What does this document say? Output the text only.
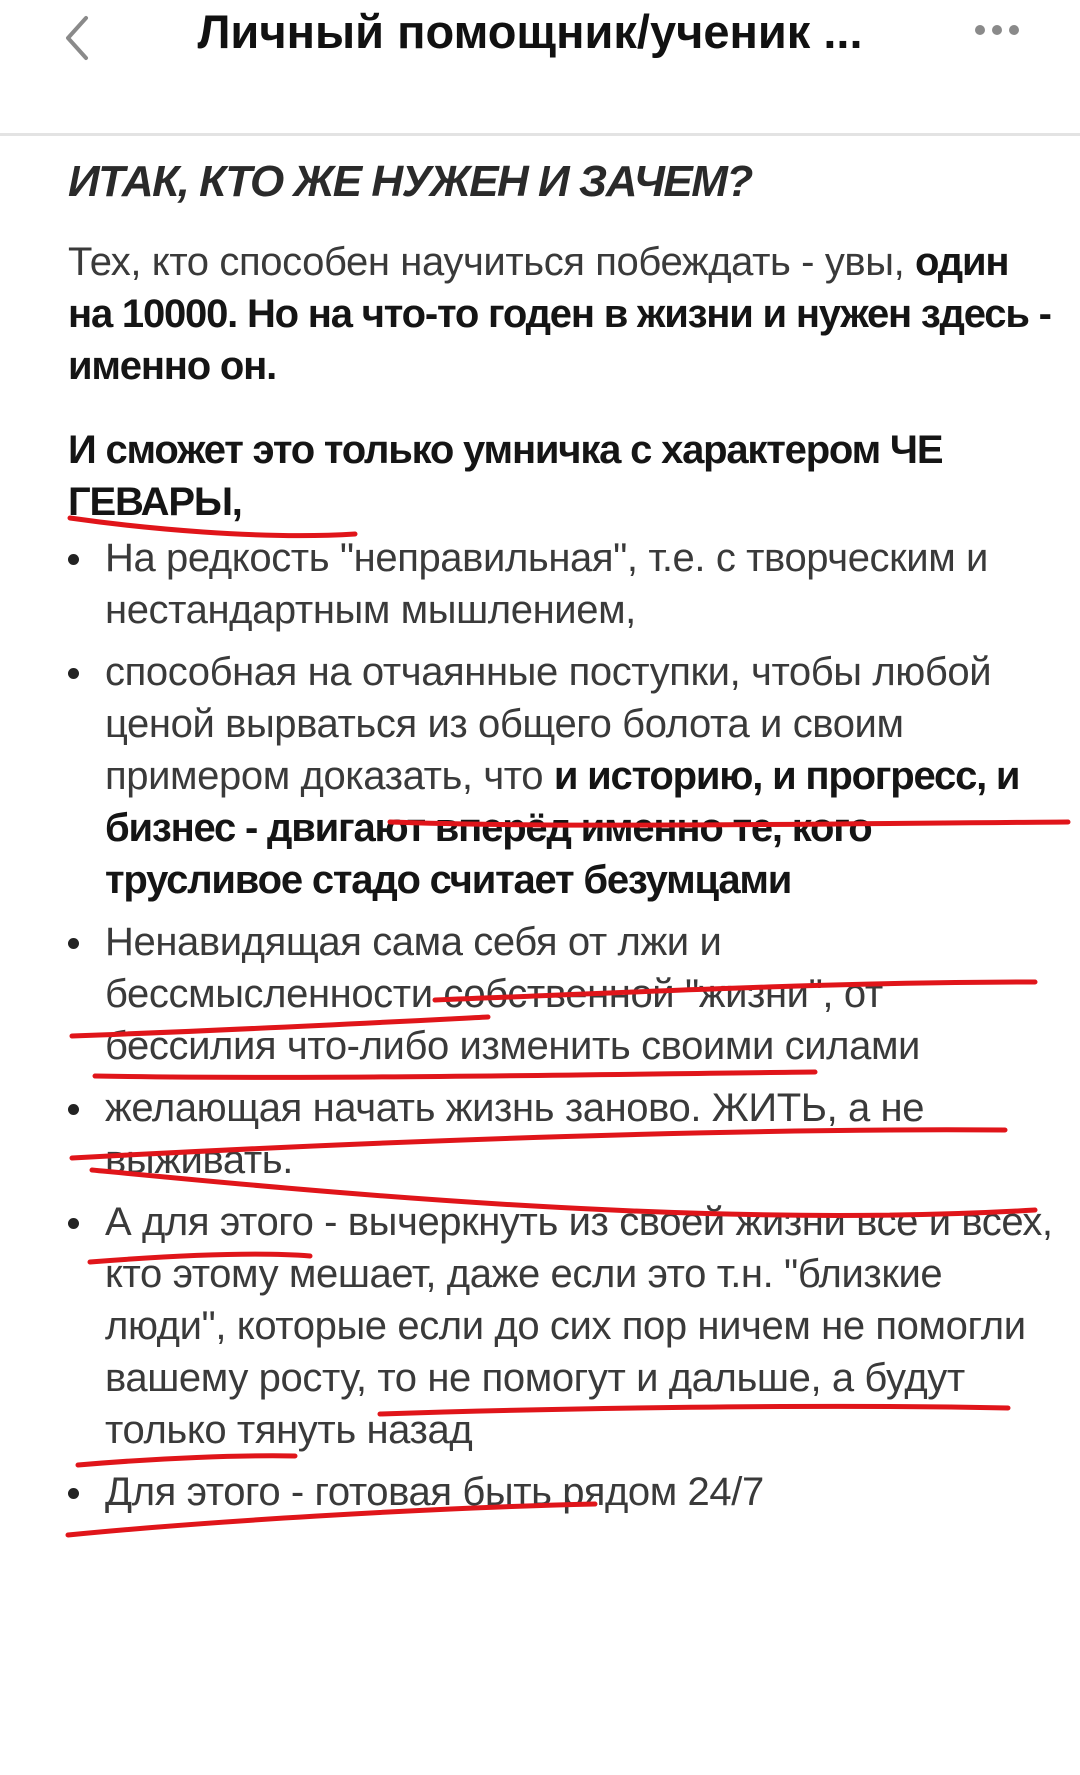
Личный помощник/ученик ...
ИТАК, КТО ЖЕ НУЖЕН И ЗАЧЕМ?

Тех, кто способен научиться побеждать - увы, один на 10000. Но на что-то годен в жизни и нужен здесь - именно он.

И сможет это только умничка с характером ЧЕ ГЕВАРЫ,

На редкость "неправильная", т.е. с творческим и нестандартным мышлением,
способная на отчаянные поступки, чтобы любой ценой вырваться из общего болота и своим примером доказать, что и историю, и прогресс, и бизнес - двигают вперёд именно те, кого трусливое стадо считает безумцами
Ненавидящая сама себя от лжи и бессмысленности собственной "жизни", от бессилия что-либо изменить своими силами
желающая начать жизнь заново. ЖИТЬ, а не выживать.
А для этого - вычеркнуть из своей жизни все и всех, кто этому мешает, даже если это т.н. "близкие люди", которые если до сих пор ничем не помогли вашему росту, то не помогут и дальше, а будут только тянуть назад
Для этого - готовая быть рядом 24/7
